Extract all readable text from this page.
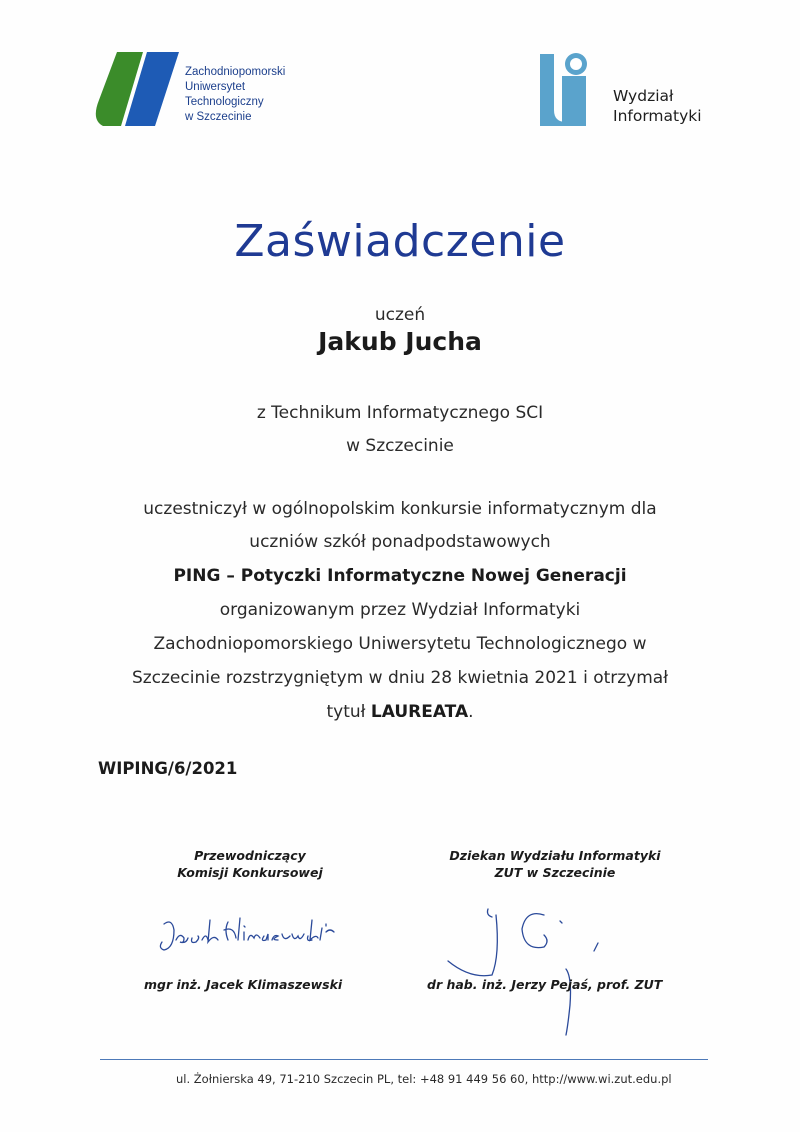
Zachodniopomorski
Uniwersytet
Technologiczny
w Szczecinie
Wydział
Informatyki
Zaświadczenie
uczeń
Jakub Jucha
z Technikum Informatycznego SCI
w Szczecinie
uczestniczył w ogólnopolskim konkursie informatycznym dla
uczniów szkół ponadpodstawowych
PING – Potyczki Informatyczne Nowej Generacji
organizowanym przez Wydział Informatyki
Zachodniopomorskiego Uniwersytetu Technologicznego w
Szczecinie rozstrzygniętym w dniu 28 kwietnia 2021 i otrzymał
tytuł LAUREATA.
WIPING/6/2021
Przewodniczący
Komisji Konkursowej
Dziekan Wydziału Informatyki
ZUT w Szczecinie
mgr inż. Jacek Klimaszewski	dr hab. inż. Jerzy Pejaś, prof. ZUT
ul. Żołnierska 49, 71-210 Szczecin PL, tel: +48 91 449 56 60, http://www.wi.zut.edu.pl
